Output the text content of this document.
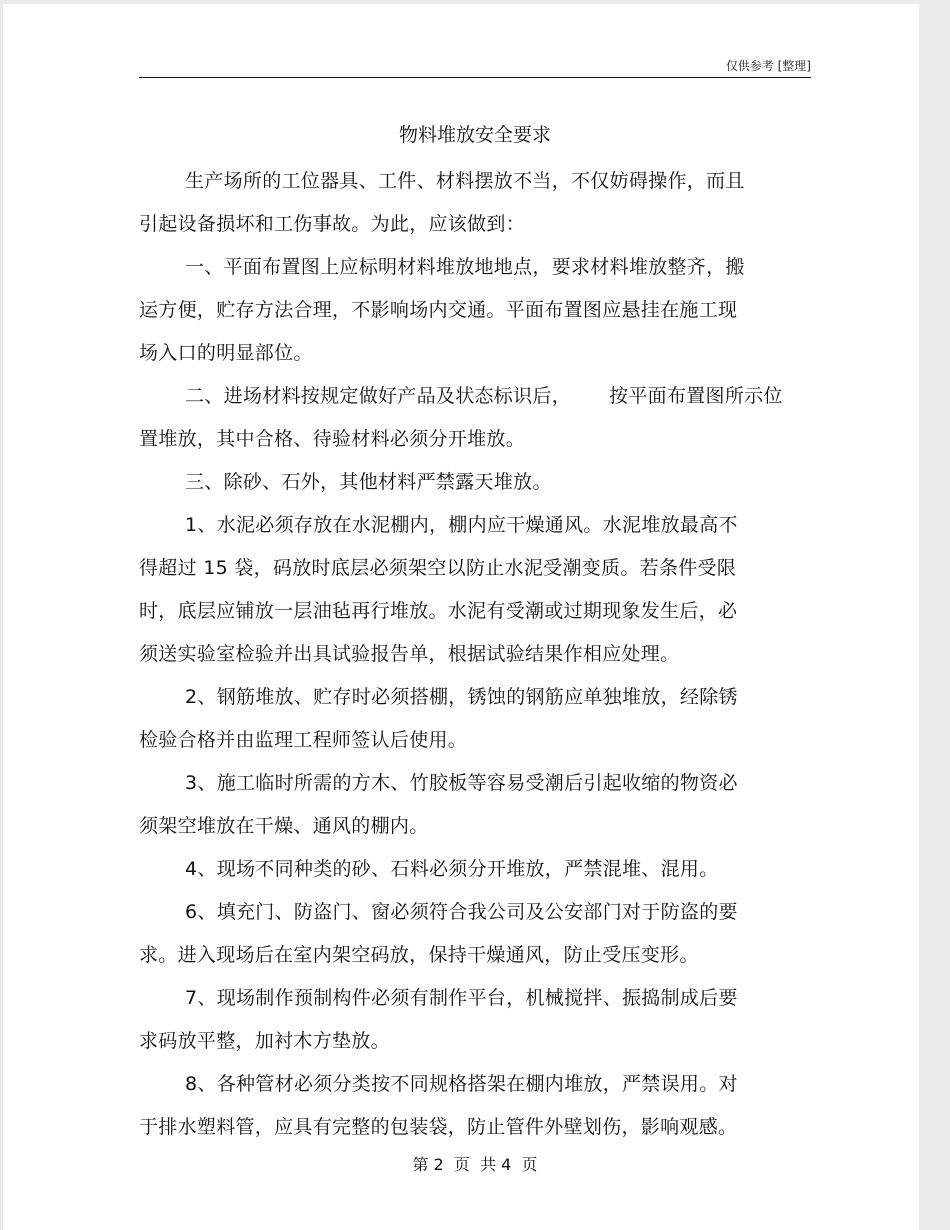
仅供参考 [整理]
物料堆放安全要求
生产场所的工位器具、工件、材料摆放不当，不仅妨碍操作，而且
引起设备损坏和工伤事故。为此，应该做到：
一、平面布置图上应标明材料堆放地地点，要求材料堆放整齐，搬
运方便，贮存方法合理，不影响场内交通。平面布置图应悬挂在施工现
场入口的明显部位。
二、进场材料按规定做好产品及状态标识后，      按平面布置图所示位
置堆放，其中合格、待验材料必须分开堆放。
三、除砂、石外，其他材料严禁露天堆放。
1、水泥必须存放在水泥棚内，棚内应干燥通风。水泥堆放最高不
得超过 15 袋，码放时底层必须架空以防止水泥受潮变质。若条件受限
时，底层应铺放一层油毡再行堆放。水泥有受潮或过期现象发生后，必
须送实验室检验并出具试验报告单，根据试验结果作相应处理。
2、钢筋堆放、贮存时必须搭棚，锈蚀的钢筋应单独堆放，经除锈
检验合格并由监理工程师签认后使用。
3、施工临时所需的方木、竹胶板等容易受潮后引起收缩的物资必
须架空堆放在干燥、通风的棚内。
4、现场不同种类的砂、石料必须分开堆放，严禁混堆、混用。
6、填充门、防盗门、窗必须符合我公司及公安部门对于防盗的要
求。进入现场后在室内架空码放，保持干燥通风，防止受压变形。
7、现场制作预制构件必须有制作平台，机械搅拌、振捣制成后要
求码放平整，加衬木方垫放。
8、各种管材必须分类按不同规格搭架在棚内堆放，严禁误用。对
于排水塑料管，应具有完整的包装袋，防止管件外壁划伤，影响观感。
第 2  页  共 4  页
